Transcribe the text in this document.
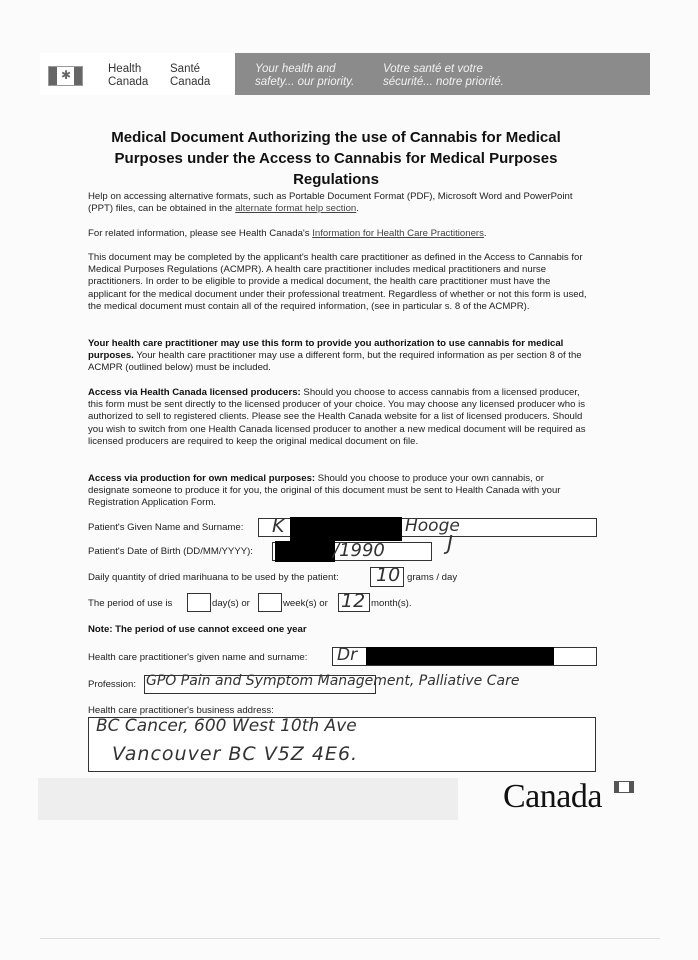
✱	Health
Canada
Santé
Canada
Your health and
safety... our priority.
Votre santé et votre
sécurité... notre priorité.
Medical Document Authorizing the use of Cannabis for Medical
Purposes under the Access to Cannabis for Medical Purposes
Regulations
Help on accessing alternative formats, such as Portable Document Format (PDF), Microsoft Word and PowerPoint (PPT) files, can be obtained in the alternate format help section.
For related information, please see Health Canada's Information for Health Care Practitioners.
This document may be completed by the applicant's health care practitioner as defined in the Access to Cannabis for Medical Purposes Regulations (ACMPR). A health care practitioner includes medical practitioners and nurse practitioners. In order to be eligible to provide a medical document, the health care practitioner must have the applicant for the medical document under their professional treatment. Regardless of whether or not this form is used, the medical document must contain all of the required information, (see in particular s. 8 of the ACMPR).
Your health care practitioner may use this form to provide you authorization to use cannabis for medical purposes. Your health care practitioner may use a different form, but the required information as per section 8 of the ACMPR (outlined below) must be included.
Access via Health Canada licensed producers: Should you choose to access cannabis from a licensed producer, this form must be sent directly to the licensed producer of your choice. You may choose any licensed producer who is authorized to sell to registered clients. Please see the Health Canada website for a list of licensed producers. Should you wish to switch from one Health Canada licensed producer to another a new medical document will be required as licensed producers are required to keep the original medical document on file.
Access via production for own medical purposes: Should you choose to produce your own cannabis, or designate someone to produce it for you, the original of this document must be sent to Health Canada with your Registration Application Form.
Patient's Given Name and Surname: K	Hooge
J
Patient's Date of Birth (DD/MM/YYYY):	/1990
Daily quantity of dried marihuana to be used by the patient: 10 grams / day
The period of use is	day(s) or	week(s) or 12 month(s).
Note: The period of use cannot exceed one year
Health care practitioner's given name and surname: Dr
Profession: GPO Pain and Symptom Management, Palliative Care
Health care practitioner's business address:
BC Cancer, 600 West 10th Ave
Vancouver BC V5Z 4E6.
Canada
